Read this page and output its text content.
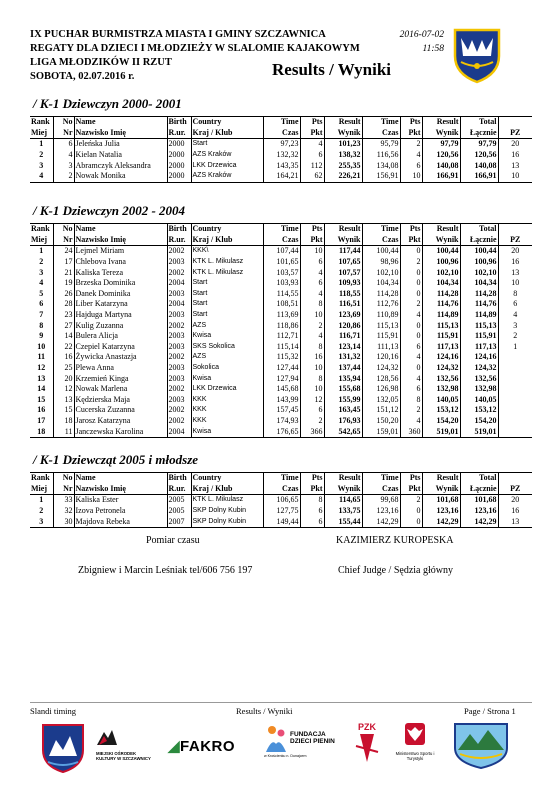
IX PUCHAR BURMISTRZA MIASTA I GMINY SZCZAWNICA
REGATY DLA DZIECI I MŁODZIEŻY W SLALOMIE KAJAKOWYM
LIGA MŁODZIKÓW II RZUT
SOBOTA, 02.07.2016 r.
2016-07-02
11:58
Results / Wyniki
/ K-1 Dziewczyn 2000- 2001
Rank	No	Name	Birth	Country	Time	Pts	Result	Time	Pts	Result	Total	
Miej	Nr	Nazwisko Imię	R.ur.	Kraj / Klub	Czas	Pkt	Wynik	Czas	Pkt	Wynik	Łącznie	PZ
1	6	Jeleńska Julia	2000	Start	97,23	4	101,23	95,79	2	97,79	97,79	20
2	4	Kielan Natalia	2000	AZS Kraków	132,32	6	138,32	116,56	4	120,56	120,56	16
3	3	Abramczyk Aleksandra	2000	LKK Drzewica	143,35	112	255,35	134,08	6	140,08	140,08	13
4	2	Nowak Monika	2000	AZS Kraków	164,21	62	226,21	156,91	10	166,91	166,91	10
/ K-1 Dziewczyn 2002 - 2004
Rank	No	Name	Birth	Country	Time	Pts	Result	Time	Pts	Result	Total	
Miej	Nr	Nazwisko Imię	R.ur.	Kraj / Klub	Czas	Pkt	Wynik	Czas	Pkt	Wynik	Łącznie	PZ
1	24	Lejmel Miriam	2002	KKK\	107,44	10	117,44	100,44	0	100,44	100,44	20
2	17	Chlebova Ivana	2003	KTK L. Mikulasz	101,65	6	107,65	98,96	2	100,96	100,96	16
3	21	Kaliska Tereza	2002	KTK L. Mikulasz	103,57	4	107,57	102,10	0	102,10	102,10	13
4	19	Brzeska Dominika	2004	Start	103,93	6	109,93	104,34	0	104,34	104,34	10
5	26	Danek Dominika	2003	Start	114,55	4	118,55	114,28	0	114,28	114,28	8
6	28	Liber Katarzyna	2004	Start	108,51	8	116,51	112,76	2	114,76	114,76	6
7	23	Hajduga Martyna	2003	Start	113,69	10	123,69	110,89	4	114,89	114,89	4
8	27	Kulig Zuzanna	2002	AZS	118,86	2	120,86	115,13	0	115,13	115,13	3
9	14	Bulera Alicja	2003	Kwisa	112,71	4	116,71	115,91	0	115,91	115,91	2
10	22	Czepiel Katarzyna	2003	SKS Sokolica	115,14	8	123,14	111,13	6	117,13	117,13	1
11	16	Żywicka Anastazja	2002	AZS	115,32	16	131,32	120,16	4	124,16	124,16	
12	25	Plewa Anna	2003	Sokolica	127,44	10	137,44	124,32	0	124,32	124,32	
13	20	Krzemień Kinga	2003	Kwisa	127,94	8	135,94	128,56	4	132,56	132,56	
14	12	Nowak Marlena	2002	LKK Drzewica	145,68	10	155,68	126,98	6	132,98	132,98	
15	13	Kędzierska Maja	2003	KKK	143,99	12	155,99	132,05	8	140,05	140,05	
16	15	Cucerska Zuzanna	2002	KKK	157,45	6	163,45	151,12	2	153,12	153,12	
17	18	Jarosz Katarzyna	2002	KKK	174,93	2	176,93	150,20	4	154,20	154,20	
18	11	Janczewska Karolina	2004	Kwisa	176,65	366	542,65	159,01	360	519,01	519,01	
/ K-1 Dziewcząt 2005 i młodsze
Rank	No	Name	Birth	Country	Time	Pts	Result	Time	Pts	Result	Total	
Miej	Nr	Nazwisko Imię	R.ur.	Kraj / Klub	Czas	Pkt	Wynik	Czas	Pkt	Wynik	Łącznie	PZ
1	33	Kaliska Ester	2005	KTK L. Mikulasz	106,65	8	114,65	99,68	2	101,68	101,68	20
2	32	Izova Petronela	2005	SKP Dolny Kubin	127,75	6	133,75	123,16	0	123,16	123,16	16
3	30	Majdova Rebeka	2007	SKP Dolny Kubin	149,44	6	155,44	142,29	0	142,29	142,29	13
Pomiar czasu	KAZIMIERZ KUROPESKA
Zbigniew i Marcin Leśniak tel/606 756 197	Chief Judge / Sędzia główny
Slandi timing	Results / Wyniki	Page / Strona 1
MIEJSKI OŚRODEK KULTURY W SZCZAWNICY
◢FAKRO
FUNDACJA DZIECI PIENIN
w Krościenku n. Dunajcem
PZK
Ministerstwo Sportu i Turystyki
